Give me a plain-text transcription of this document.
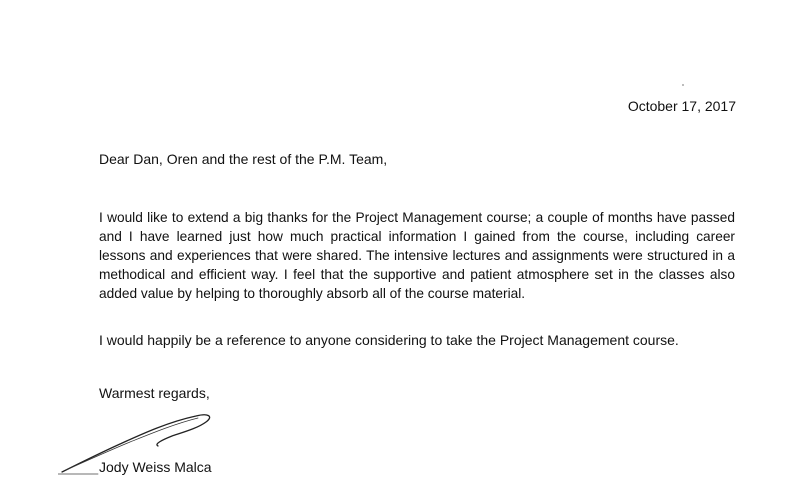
October 17, 2017
Dear Dan, Oren and the rest of the P.M. Team,

I would like to extend a big thanks for the Project Management course; a couple of months have passed and I have learned just how much practical information I gained from the course, including career lessons and experiences that were shared. The intensive lectures and assignments were structured in a methodical and efficient way. I feel that the supportive and patient atmosphere set in the classes also added value by helping to thoroughly absorb all of the course material.

I would happily be a reference to anyone considering to take the Project Management course.
Warmest regards,
Jody Weiss Malca
